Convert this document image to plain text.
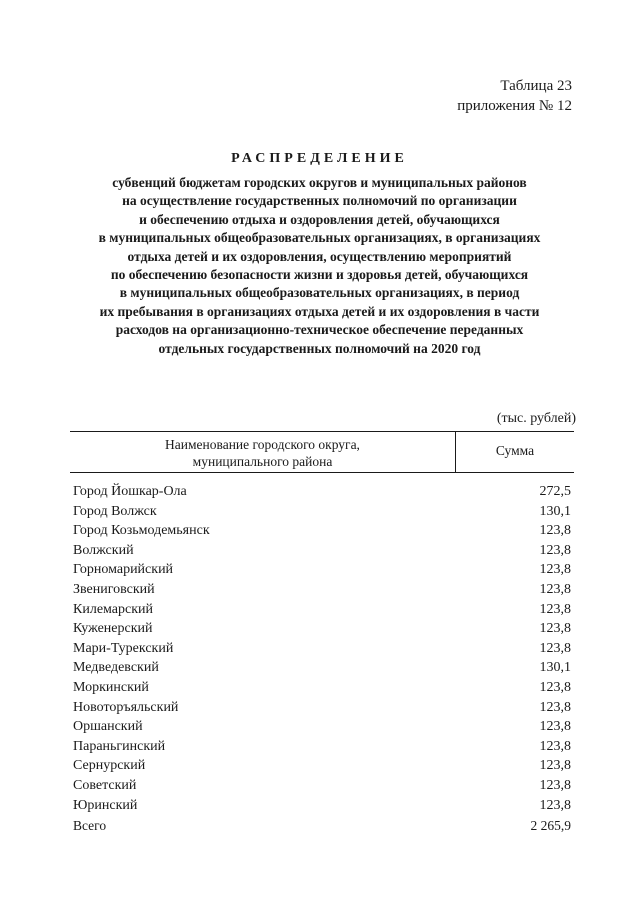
Таблица 23
приложения № 12
РАСПРЕДЕЛЕНИЕ
субвенций бюджетам городских округов и муниципальных районов
на осуществление государственных полномочий по организации
и обеспечению отдыха и оздоровления детей, обучающихся
в муниципальных общеобразовательных организациях, в организациях
отдыха детей и их оздоровления, осуществлению мероприятий
по обеспечению безопасности жизни и здоровья детей, обучающихся
в муниципальных общеобразовательных организациях, в период
их пребывания в организациях отдыха детей и их оздоровления в части
расходов на организационно-техническое обеспечение переданных
отдельных государственных полномочий на 2020 год
(тыс. рублей)
Наименование городского округа,
муниципального района
Сумма
Город Йошкар-Ола	272,5
Город Волжск	130,1
Город Козьмодемьянск	123,8
Волжский	123,8
Горномарийский	123,8
Звениговский	123,8
Килемарский	123,8
Куженерский	123,8
Мари-Турекский	123,8
Медведевский	130,1
Моркинский	123,8
Новоторъяльский	123,8
Оршанский	123,8
Параньгинский	123,8
Сернурский	123,8
Советский	123,8
Юринский	123,8
Всего	2 265,9
